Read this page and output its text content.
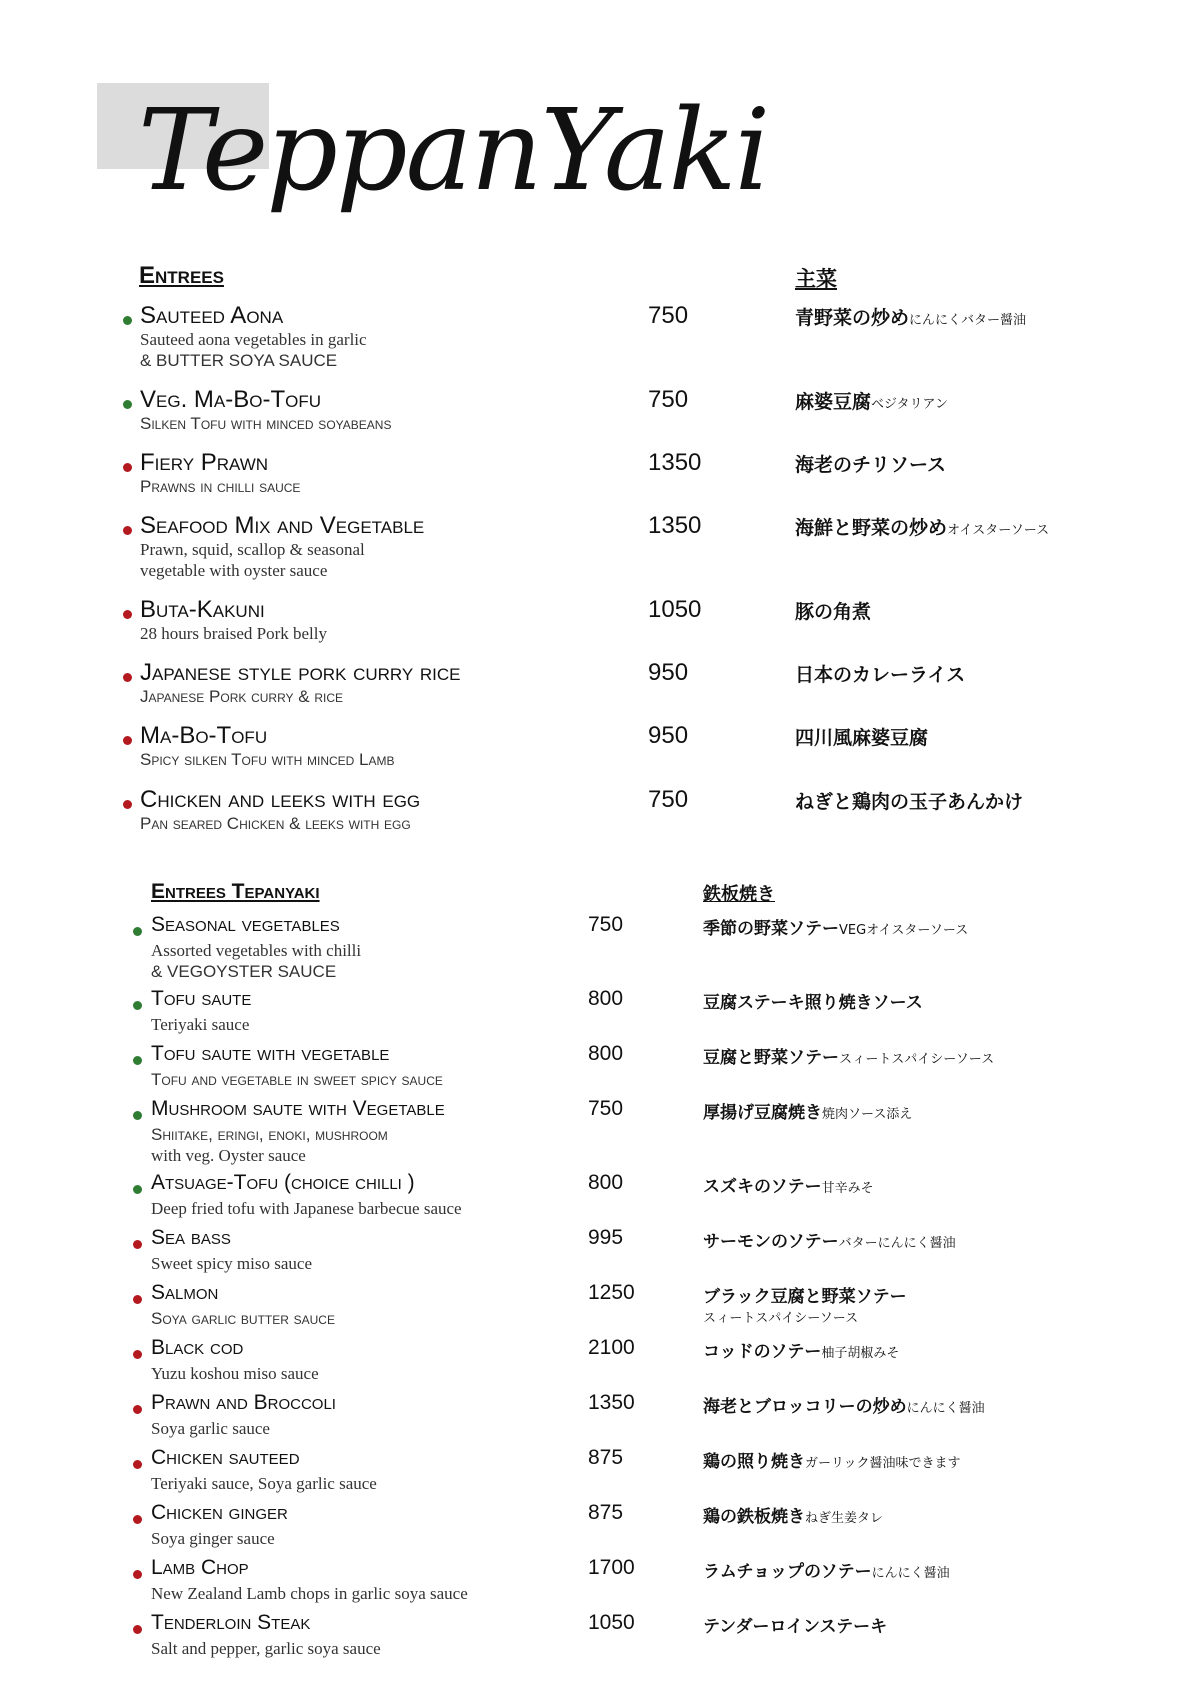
TeppanYaki
Entrees	主菜
Sauteed Aona
Sauteed aona vegetables in garlic
& BUTTER SOYA SAUCE
750	青野菜の炒めにんにくバター醤油
Veg. Ma-Bo-Tofu
Silken Tofu with minced soyabeans
750	麻婆豆腐ベジタリアン
Fiery Prawn
Prawns in chilli sauce
1350	海老のチリソース
Seafood Mix and Vegetable
Prawn, squid, scallop & seasonal
vegetable with oyster sauce
1350	海鮮と野菜の炒めオイスターソース
Buta-Kakuni
28 hours braised Pork belly
1050	豚の角煮
Japanese style pork curry rice
Japanese Pork curry & rice
950	日本のカレーライス
Ma-Bo-Tofu
Spicy silken Tofu with minced Lamb
950	四川風麻婆豆腐
Chicken and leeks with egg
Pan seared Chicken & leeks with egg
750	ねぎと鶏肉の玉子あんかけ
Entrees Tepanyaki	鉄板焼き
Seasonal vegetables
Assorted vegetables with chilli
& VEGOYSTER SAUCE
750	季節の野菜ソテーVEGオイスターソース
Tofu saute
Teriyaki sauce
800	豆腐ステーキ照り焼きソース
Tofu saute with vegetable
Tofu and vegetable in sweet spicy sauce
800	豆腐と野菜ソテースィートスパイシーソース
Mushroom saute with Vegetable
Shiitake, eringi, enoki, mushroom
with veg. Oyster sauce
750	厚揚げ豆腐焼き焼肉ソース添え
Atsuage-Tofu (choice chilli )
Deep fried tofu with Japanese barbecue sauce
800	スズキのソテー甘辛みそ
Sea bass
Sweet spicy miso sauce
995	サーモンのソテーバターにんにく醤油
Salmon
Soya garlic butter sauce
1250	ブラック豆腐と野菜ソテー
スィートスパイシーソース
Black cod
Yuzu koshou miso sauce
2100	コッドのソテー柚子胡椒みそ
Prawn and Broccoli
Soya garlic sauce
1350	海老とブロッコリーの炒めにんにく醤油
Chicken sauteed
Teriyaki sauce, Soya garlic sauce
875	鶏の照り焼きガーリック醤油味できます
Chicken ginger
Soya ginger sauce
875	鶏の鉄板焼きねぎ生姜タレ
Lamb Chop
New Zealand Lamb chops in garlic soya sauce
1700	ラムチョップのソテーにんにく醤油
Tenderloin Steak
Salt and pepper, garlic soya sauce
1050	テンダーロインステーキ
